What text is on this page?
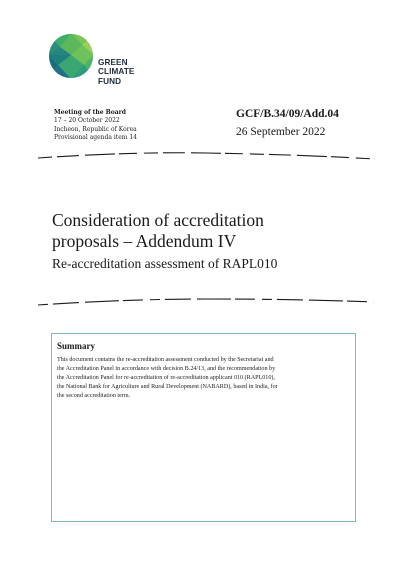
GREEN
CLIMATE
FUND
Meeting of the Board
17 – 20 October 2022
Incheon, Republic of Korea
Provisional agenda item 14
GCF/B.34/09/Add.04
26 September 2022
Consideration of accreditation
proposals – Addendum IV
Re-accreditation assessment of RAPL010
Summary
This document contains the re-accreditation assessment conducted by the Secretariat and
the Accreditation Panel in accordance with decision B.24/13, and the recommendation by
the Accreditation Panel for re-accreditation of re-accreditation applicant 010 (RAPL010),
the National Bank for Agriculture and Rural Development (NABARD), based in India, for
the second accreditation term.
